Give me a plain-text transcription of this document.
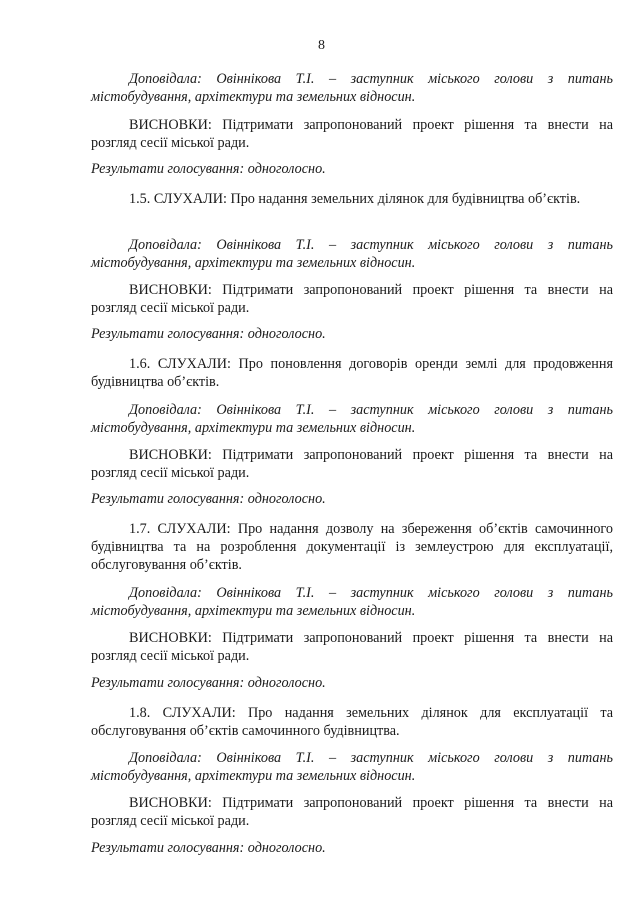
8

Доповідала: Овіннікова Т.І. – заступник міського голови з питань містобудування, архітектури та земельних відносин.

ВИСНОВКИ: Підтримати запропонований проект рішення та внести на розгляд сесії міської ради.

Результати голосування: одноголосно.

1.5. СЛУХАЛИ: Про надання земельних ділянок для будівництва об’єктів.

Доповідала: Овіннікова Т.І. – заступник міського голови з питань містобудування, архітектури та земельних відносин.

ВИСНОВКИ: Підтримати запропонований проект рішення та внести на розгляд сесії міської ради.

Результати голосування: одноголосно.

1.6. СЛУХАЛИ: Про поновлення договорів оренди землі для продовження будівництва об’єктів.

Доповідала: Овіннікова Т.І. – заступник міського голови з питань містобудування, архітектури та земельних відносин.

ВИСНОВКИ: Підтримати запропонований проект рішення та внести на розгляд сесії міської ради.

Результати голосування: одноголосно.

1.7. СЛУХАЛИ: Про надання дозволу на збереження об’єктів самочинного будівництва та на розроблення документації із землеустрою для експлуатації, обслуговування об’єктів.

Доповідала: Овіннікова Т.І. – заступник міського голови з питань містобудування, архітектури та земельних відносин.

ВИСНОВКИ: Підтримати запропонований проект рішення та внести на розгляд сесії міської ради.

Результати голосування: одноголосно.

1.8. СЛУХАЛИ: Про надання земельних ділянок для експлуатації та обслуговування об’єктів самочинного будівництва.

Доповідала: Овіннікова Т.І. – заступник міського голови з питань містобудування, архітектури та земельних відносин.

ВИСНОВКИ: Підтримати запропонований проект рішення та внести на розгляд сесії міської ради.

Результати голосування: одноголосно.
